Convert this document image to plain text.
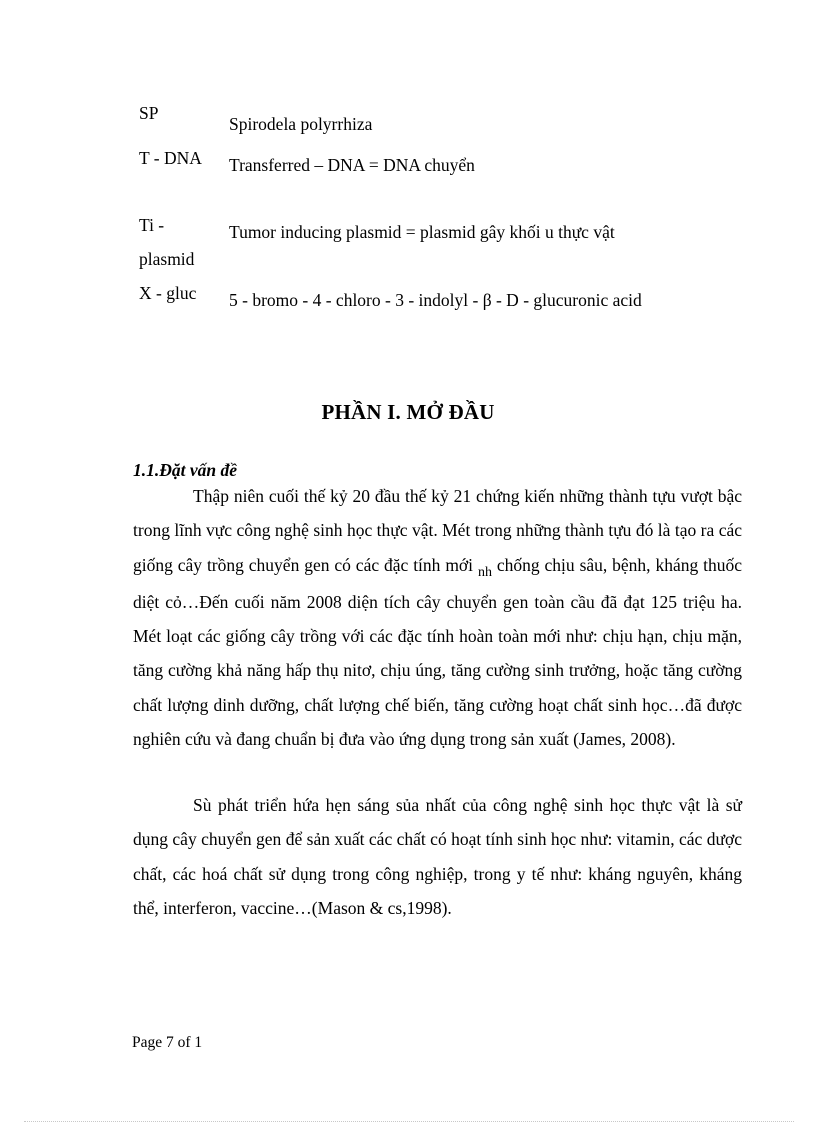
SP
Spirodela polyrrhiza
T - DNA	Transferred – DNA = DNA chuyển
Ti - plasmid
Tumor inducing plasmid = plasmid gây khối u thực vật
X - gluc	5 - bromo - 4 - chloro - 3 - indolyl - β - D - glucuronic acid
PHẦN I. MỞ ĐẦU
1.1.Đặt vấn đề

Thập niên cuối thế kỷ 20 đầu thế kỷ 21 chứng kiến những thành tựu vượt bậc trong lĩnh vực công nghệ sinh học thực vật. Mét trong những thành tựu đó là tạo ra các giống cây trồng chuyển gen có các đặc tính mới $_{nh}$ chống chịu sâu, bệnh, kháng thuốc diệt cỏ…Đến cuối năm 2008 diện tích cây chuyển gen toàn cầu đã đạt 125 triệu ha. Mét loạt các giống cây trồng với các đặc tính hoàn toàn mới như: chịu hạn, chịu mặn, tăng cường khả năng hấp thụ nitơ, chịu úng, tăng cường sinh trưởng, hoặc tăng cường chất lượng dinh dưỡng, chất lượng chế biến, tăng cường hoạt chất sinh học…đã được nghiên cứu và đang chuẩn bị đưa vào ứng dụng trong sản xuất (James, 2008).

Sù phát triển hứa hẹn sáng sủa nhất của công nghệ sinh học thực vật là sử dụng cây chuyển gen để sản xuất các chất có hoạt tính sinh học như: vitamin, các dược chất, các hoá chất sử dụng trong công nghiệp, trong y tế như: kháng nguyên, kháng thể, interferon, vaccine…(Mason & cs,1998).

Page 7 of 1
